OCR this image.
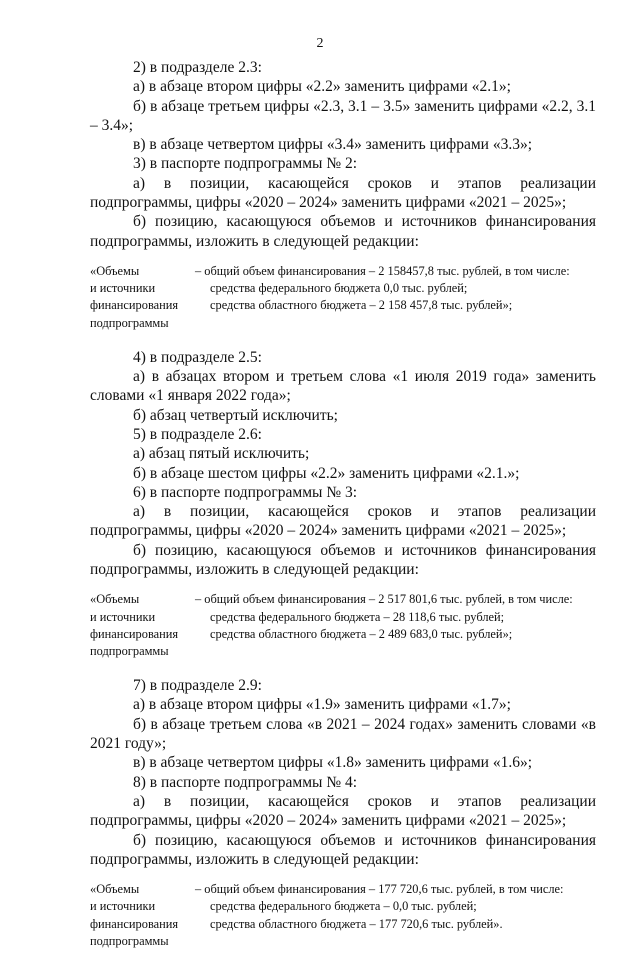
2

2) в подразделе 2.3:

а) в абзаце втором цифры «2.2» заменить цифрами «2.1»;

б) в абзаце третьем цифры «2.3, 3.1 – 3.5» заменить цифрами «2.2, 3.1 – 3.4»;

в) в абзаце четвертом цифры «3.4» заменить цифрами «3.3»;

3) в паспорте подпрограммы № 2:

а) в позиции, касающейся сроков и этапов реализации подпрограммы, цифры «2020 – 2024» заменить цифрами «2021 – 2025»;

б) позицию, касающуюся объемов и источников финансирования подпрограммы, изложить в следующей редакции:

«Объемы
и источники
финансирования
подпрограммы
– общий объем финансирования – 2 158457,8 тыс. рублей, в том числе:
средства федерального бюджета 0,0 тыс. рублей;
средства областного бюджета – 2 158 457,8 тыс. рублей»;

4) в подразделе 2.5:

а) в абзацах втором и третьем слова «1 июля 2019 года» заменить словами «1 января 2022 года»;

б) абзац четвертый исключить;

5) в подразделе 2.6:

а) абзац пятый исключить;

б) в абзаце шестом цифры «2.2» заменить цифрами «2.1.»;

6) в паспорте подпрограммы № 3:

а) в позиции, касающейся сроков и этапов реализации подпрограммы, цифры «2020 – 2024» заменить цифрами «2021 – 2025»;

б) позицию, касающуюся объемов и источников финансирования подпрограммы, изложить в следующей редакции:

«Объемы
и источники
финансирования
подпрограммы
– общий объем финансирования – 2 517 801,6 тыс. рублей, в том числе:
средства федерального бюджета – 28 118,6 тыс. рублей;
средства областного бюджета – 2 489 683,0 тыс. рублей»;

7) в подразделе 2.9:

а) в абзаце втором цифры «1.9» заменить цифрами «1.7»;

б) в абзаце третьем слова «в 2021 – 2024 годах» заменить словами «в 2021 году»;

в) в абзаце четвертом цифры «1.8» заменить цифрами «1.6»;

8) в паспорте подпрограммы № 4:

а) в позиции, касающейся сроков и этапов реализации подпрограммы, цифры «2020 – 2024» заменить цифрами «2021 – 2025»;

б) позицию, касающуюся объемов и источников финансирования подпрограммы, изложить в следующей редакции:

«Объемы
и источники
финансирования
подпрограммы
– общий объем финансирования – 177 720,6 тыс. рублей, в том числе:
средства федерального бюджета – 0,0 тыс. рублей;
средства областного бюджета – 177 720,6 тыс. рублей».
